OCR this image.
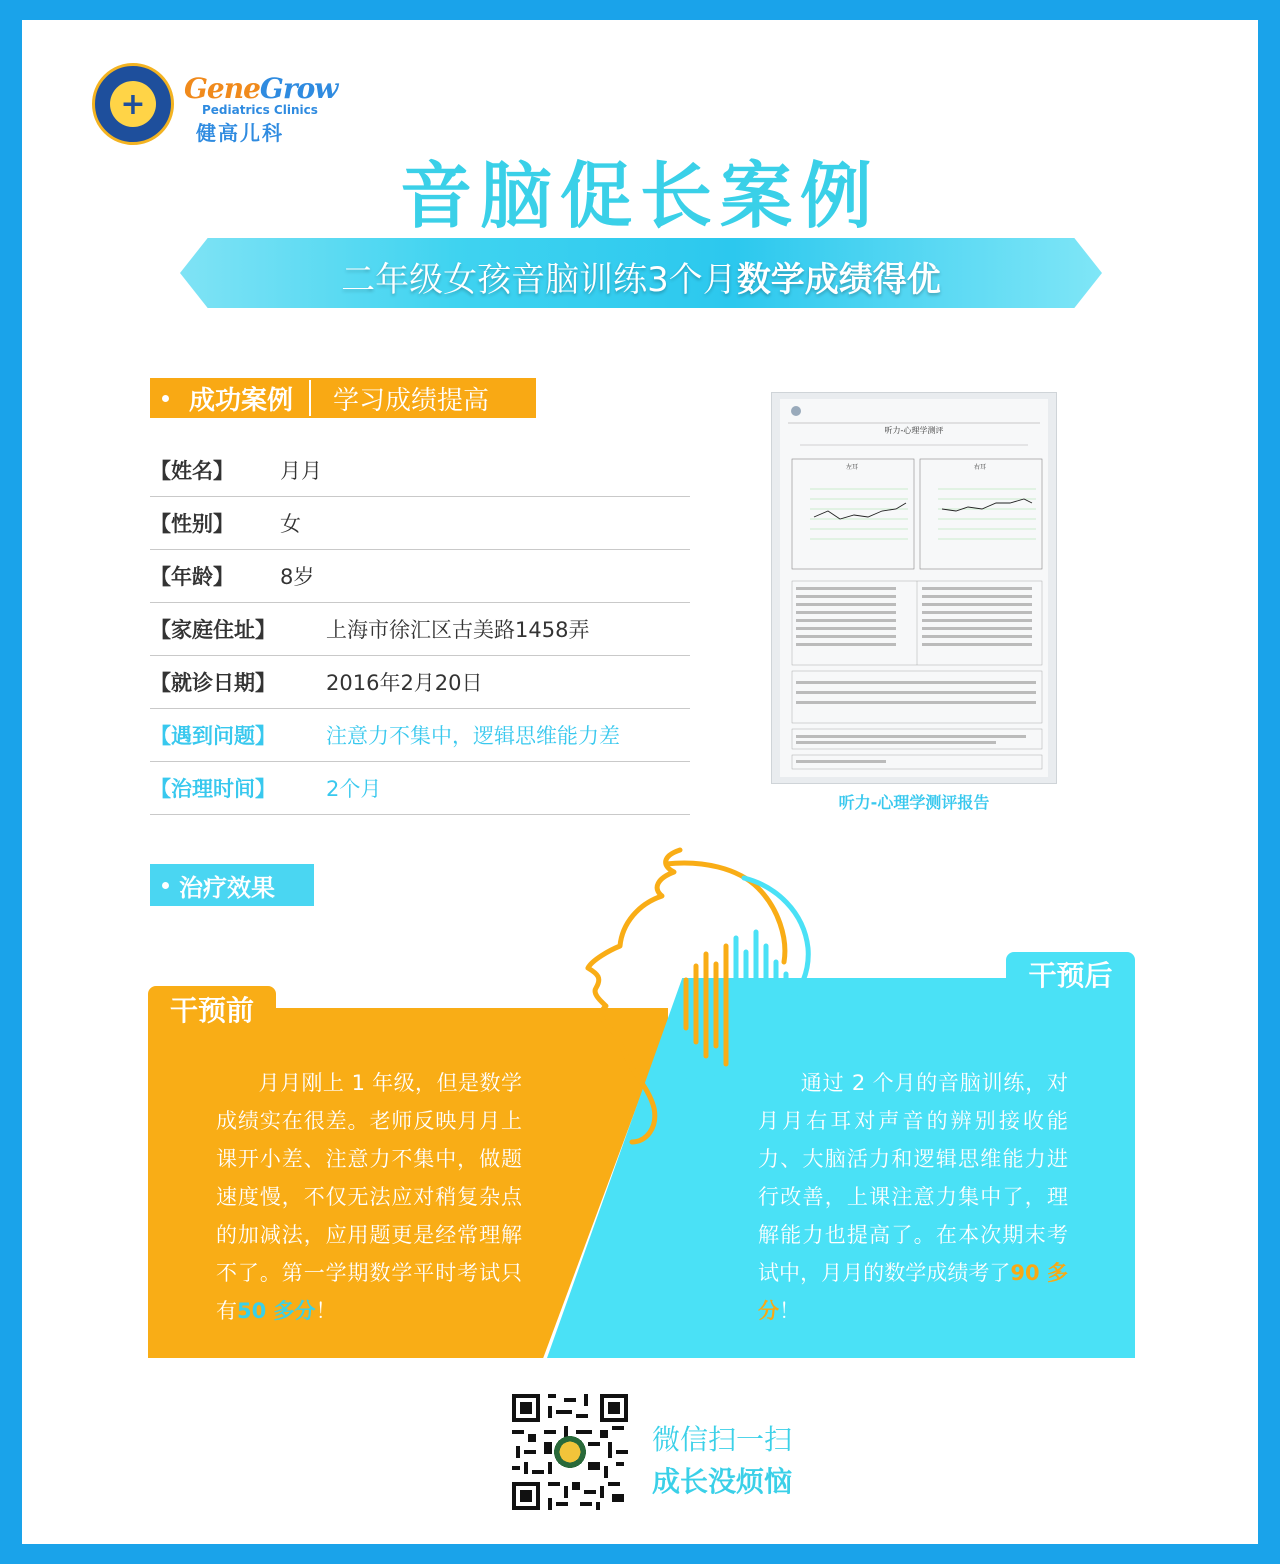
+	GeneGrow
Pediatrics Clinics
健高儿科
音脑促长案例
二年级女孩音脑训练3个月数学成绩得优
成功案例 学习成绩提高
【姓名】	月月
【性别】	女
【年龄】	8岁
【家庭住址】	上海市徐汇区古美路1458弄
【就诊日期】	2016年2月20日
【遇到问题】	注意力不集中，逻辑思维能力差
【治理时间】	2个月
听力-心理学测评
左耳	右耳
听力-心理学测评报告
治疗效果
干预前
干预后
  月月刚上 1 年级，但是数学成绩实在很差。老师反映月月上课开小差、注意力不集中，做题速度慢，不仅无法应对稍复杂点的加减法，应用题更是经常理解不了。第一学期数学平时考试只有50 多分！
  通过 2 个月的音脑训练，对月月右耳对声音的辨别接收能力、大脑活力和逻辑思维能力进行改善，上课注意力集中了，理解能力也提高了。在本次期末考试中，月月的数学成绩考了90 多分！
微信扫一扫
成长没烦恼
